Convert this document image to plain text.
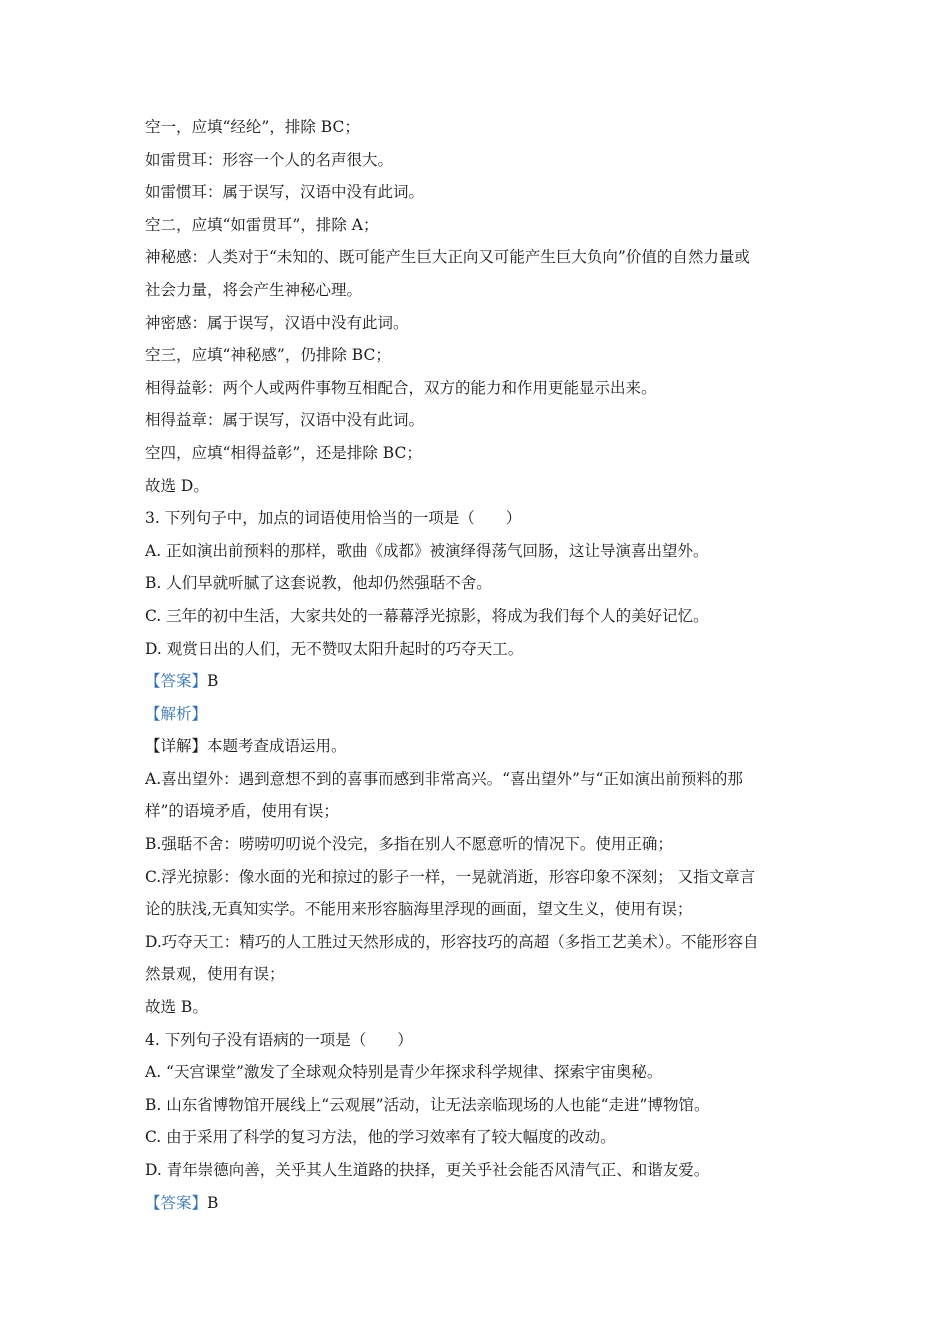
空一，应填“经纶”，排除 BC；
如雷贯耳：形容一个人的名声很大。
如雷惯耳：属于误写，汉语中没有此词。
空二，应填“如雷贯耳”，排除 A；
神秘感：人类对于“未知的、既可能产生巨大正向又可能产生巨大负向”价值的自然力量或
社会力量，将会产生神秘心理。
神密感：属于误写，汉语中没有此词。
空三，应填“神秘感”，仍排除 BC；
相得益彰：两个人或两件事物互相配合，双方的能力和作用更能显示出来。
相得益章：属于误写，汉语中没有此词。
空四，应填“相得益彰”，还是排除 BC；
故选 D。
3. 下列句子中，加点的词语使用恰当的一项是（　　）
A. 正如演出前预料的那样，歌曲《成都》被演绎得荡气回肠，这让导演喜出望外。
B. 人们早就听腻了这套说教，他却仍然强聒不舍。
C. 三年的初中生活，大家共处的一幕幕浮光掠影，将成为我们每个人的美好记忆。
D. 观赏日出的人们，无不赞叹太阳升起时的巧夺天工。
【答案】B
【解析】
【详解】本题考查成语运用。
A.喜出望外：遇到意想不到的喜事而感到非常高兴。“喜出望外”与“正如演出前预料的那
样”的语境矛盾，使用有误；
B.强聒不舍：唠唠叨叨说个没完，多指在别人不愿意听的情况下。使用正确；
C.浮光掠影：像水面的光和掠过的影子一样，一晃就消逝，形容印象不深刻； 又指文章言
论的肤浅,无真知实学。不能用来形容脑海里浮现的画面，望文生义，使用有误；
D.巧夺天工：精巧的人工胜过天然形成的，形容技巧的高超（多指工艺美术）。不能形容自
然景观，使用有误；
故选 B。
4. 下列句子没有语病的一项是（　　）
A. “天宫课堂”激发了全球观众特别是青少年探求科学规律、探索宇宙奥秘。
B. 山东省博物馆开展线上“云观展”活动，让无法亲临现场的人也能“走进”博物馆。
C. 由于采用了科学的复习方法，他的学习效率有了较大幅度的改动。
D. 青年崇德向善，关乎其人生道路的抉择，更关乎社会能否风清气正、和谐友爱。
【答案】B
